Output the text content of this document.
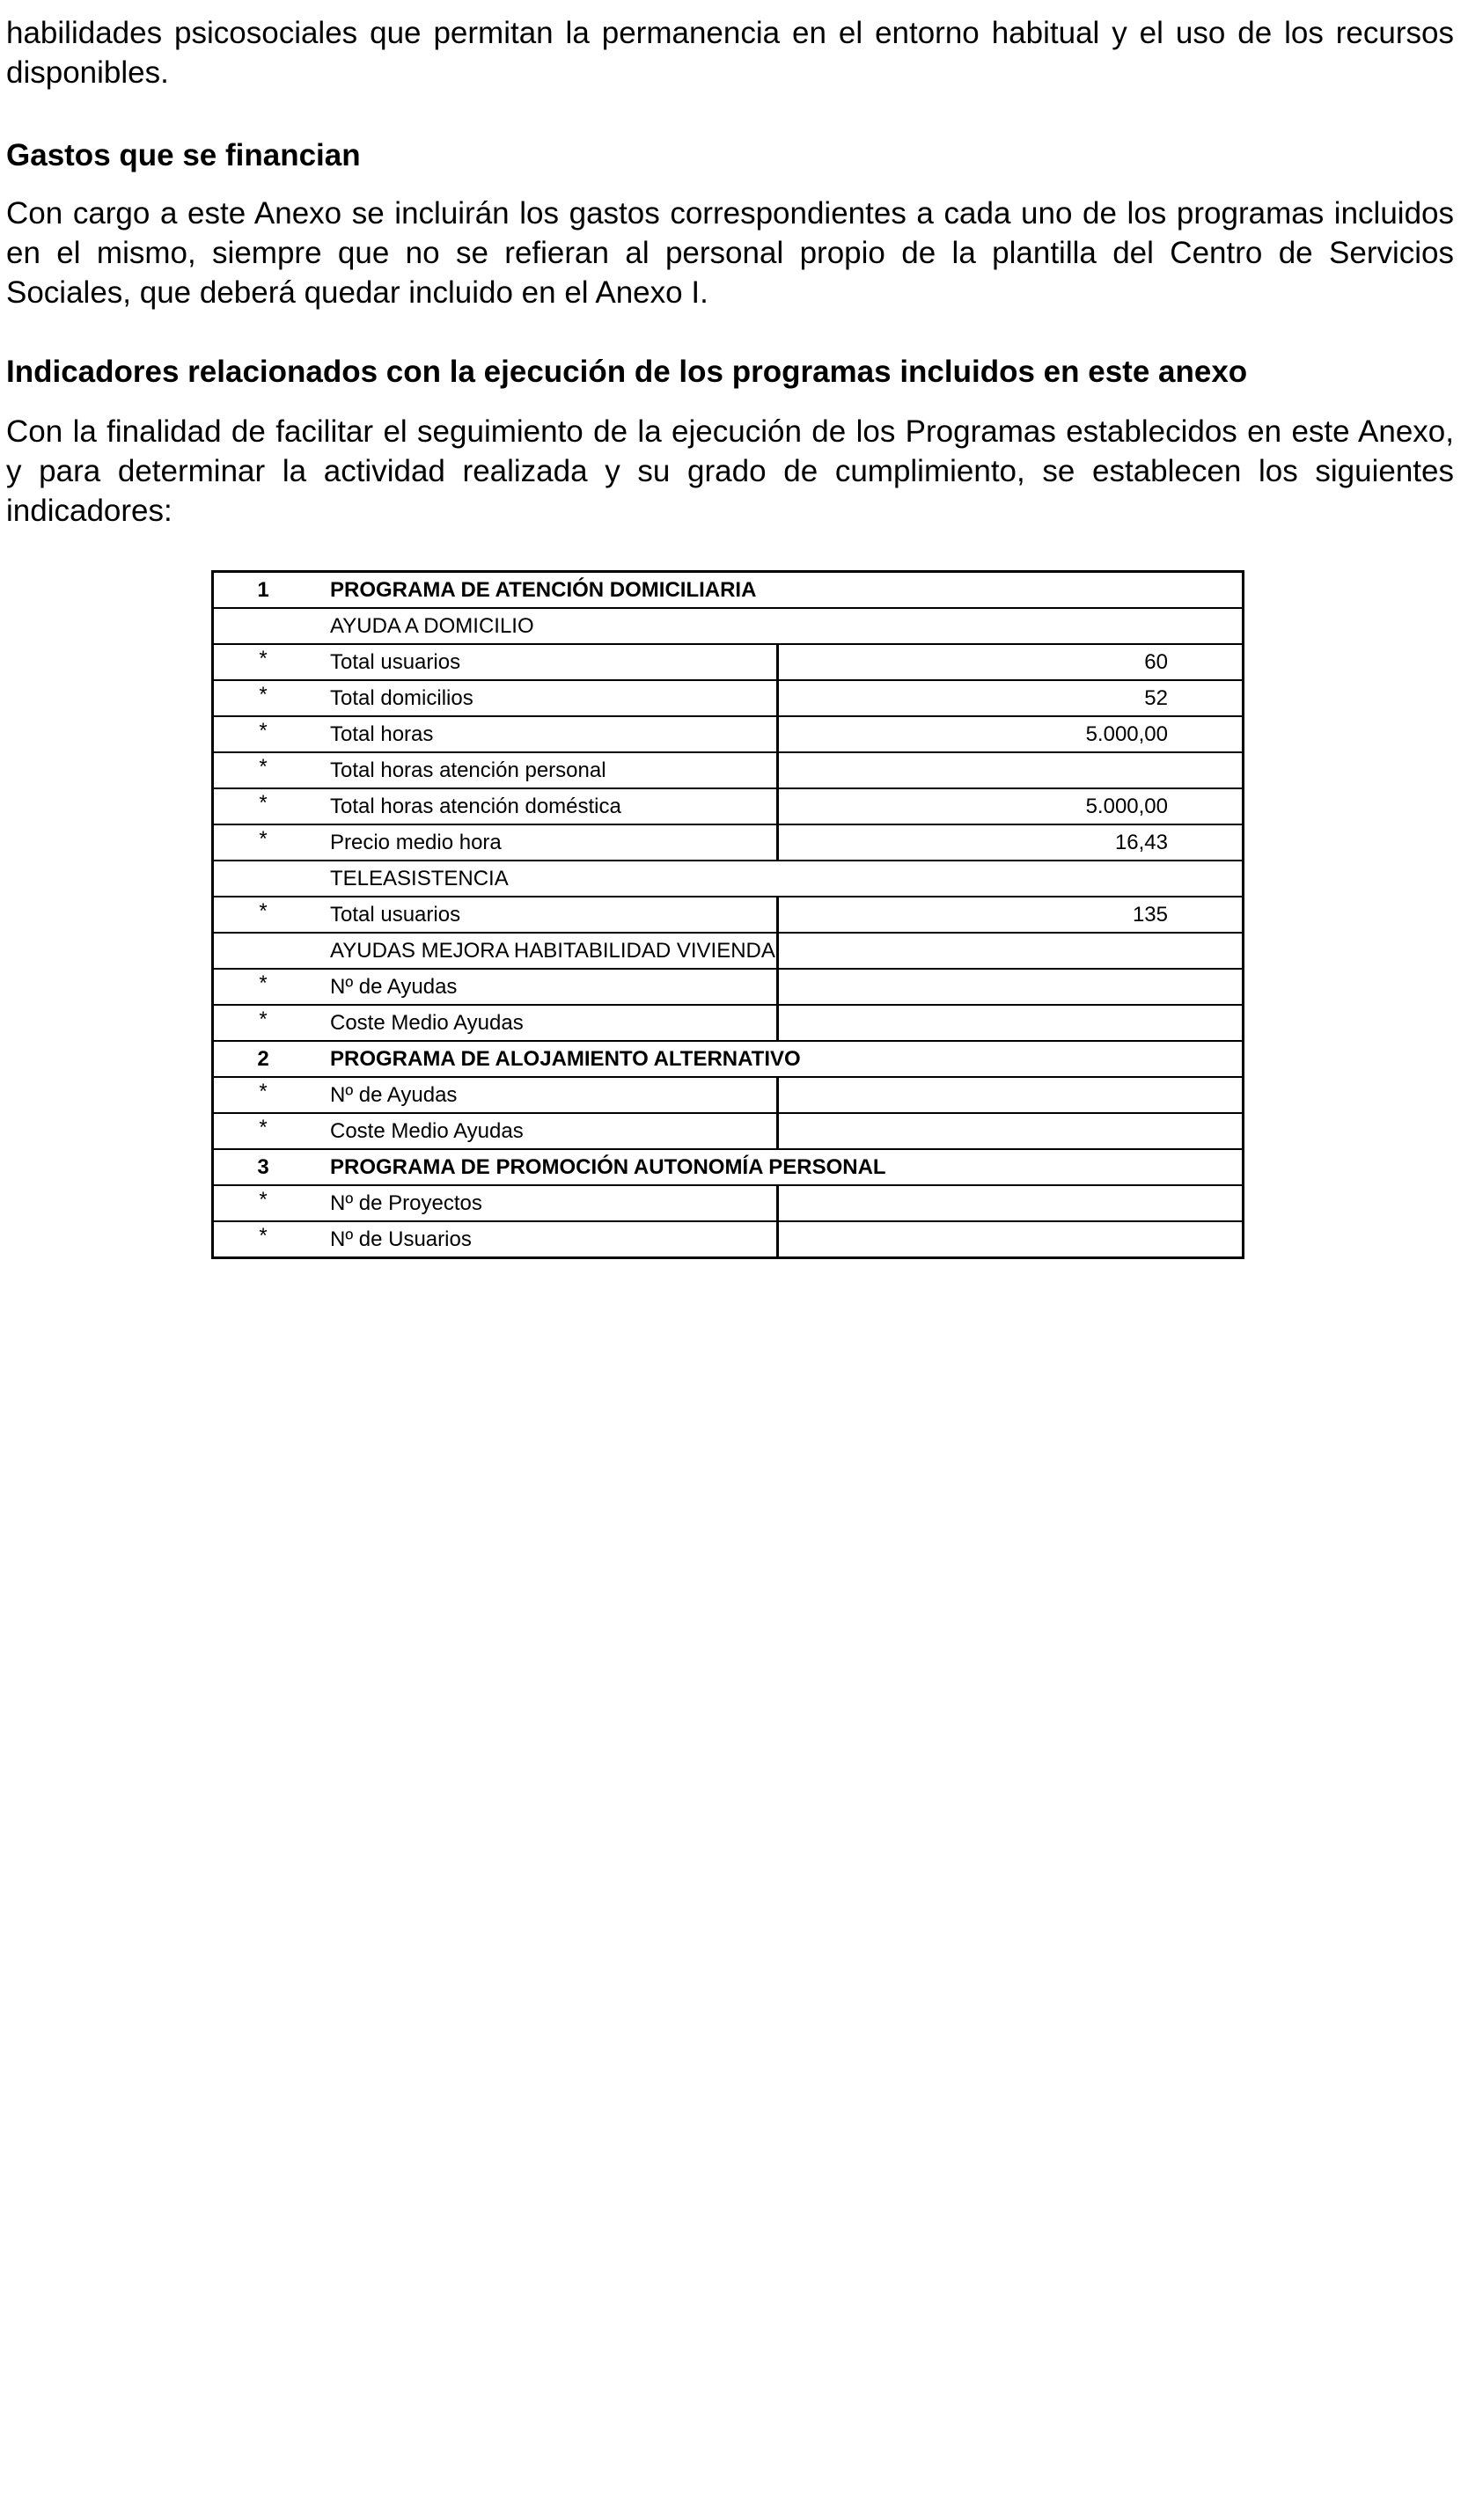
habilidades psicosociales que permitan la permanencia en el entorno habitual y el uso de los recursos disponibles.

Gastos que se financian

Con cargo a este Anexo se incluirán los gastos correspondientes a cada uno de los programas incluidos en el mismo, siempre que no se refieran al personal propio de la plantilla del Centro de Servicios Sociales, que deberá quedar incluido en el Anexo I.

Indicadores relacionados con la ejecución de los programas incluidos en este anexo

Con la finalidad de facilitar el seguimiento de la ejecución de los Programas establecidos en este Anexo, y para determinar la actividad realizada y su grado de cumplimiento, se establecen los siguientes indicadores:

1	PROGRAMA DE ATENCIÓN DOMICILIARIA	
	AYUDA A DOMICILIO	
*	Total usuarios	60
*	Total domicilios	52
*	Total horas	5.000,00
*	Total horas atención personal	
*	Total horas atención doméstica	5.000,00
*	Precio medio hora	16,43
	TELEASISTENCIA	
*	Total usuarios	135
	AYUDAS MEJORA HABITABILIDAD VIVIENDA	
*	Nº de Ayudas	
*	Coste Medio Ayudas	
2	PROGRAMA DE ALOJAMIENTO ALTERNATIVO	
*	Nº de Ayudas	
*	Coste Medio Ayudas	
3	PROGRAMA DE PROMOCIÓN AUTONOMÍA PERSONAL	
*	Nº de Proyectos	
*	Nº de Usuarios	
